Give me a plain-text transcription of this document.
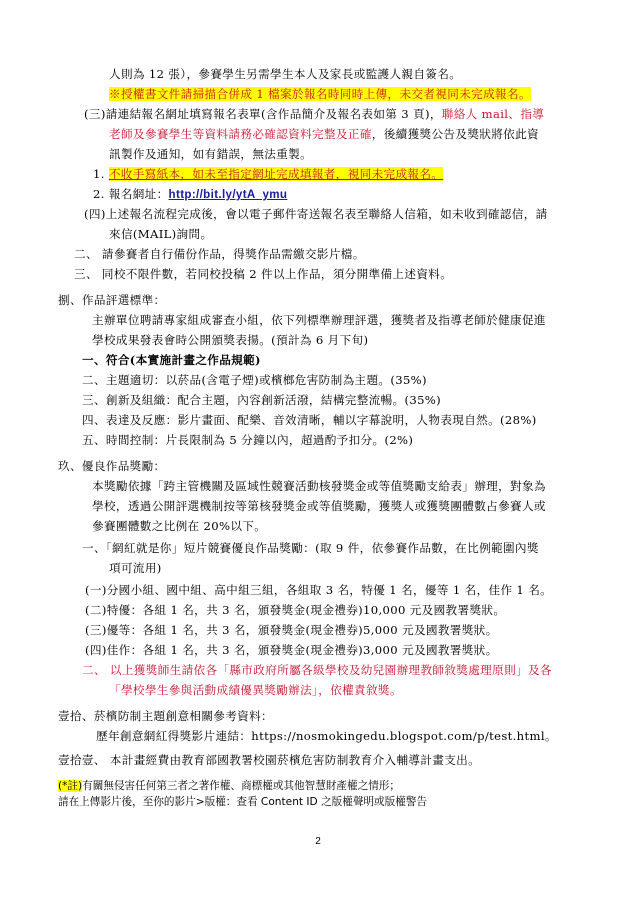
人則為 12 張），參賽學生另需學生本人及家長或監護人親自簽名。
※授權書文件請掃描合併成 1 檔案於報名時同時上傳，未交者視同未完成報名。
(三)請連結報名網址填寫報名表單(含作品簡介及報名表如第 3 頁)，聯絡人 mail、指導
老師及參賽學生等資料請務必確認資料完整及正確，後續獲獎公告及獎狀將依此資
訊製作及通知，如有錯誤，無法重製。
1. 不收手寫紙本，如未至指定網址完成填報者，視同未完成報名。
2. 報名網址：http://bit.ly/ytA_ymu
(四)上述報名流程完成後，會以電子郵件寄送報名表至聯絡人信箱，如未收到確認信，請
來信(MAIL)詢問。
二、 請參賽者自行備份作品，得獎作品需繳交影片檔。
三、 同校不限件數，若同校投稿 2 件以上作品，須分開準備上述資料。
捌、作品評選標準：
主辦單位聘請專家組成審查小組，依下列標準辦理評選，獲獎者及指導老師於健康促進
學校成果發表會時公開頒獎表揚。(預計為 6 月下旬)
一、符合(本實施計畫之作品規範)
二、主題適切：以菸品(含電子煙)或檳榔危害防制為主題。(35%)
三、創新及組織：配合主題，內容創新活潑，結構完整流暢。(35%)
四、表達及反應：影片畫面、配樂、音效清晰，輔以字幕說明，人物表現自然。(28%)
五、時間控制：片長限制為 5 分鐘以內，超過酌予扣分。(2%)
玖、優良作品獎勵：
本獎勵依據「跨主管機關及區域性競賽活動核發獎金或等值獎勵支給表」辦理，對象為
學校，透過公開評選機制按等第核發獎金或等值獎勵，獲獎人或獲獎團體數占參賽人或
參賽團體數之比例在 20%以下。
一、「網紅就是你」短片競賽優良作品獎勵：(取 9 件，依參賽作品數，在比例範圍內獎
項可流用)
(一)分國小組、國中組、高中組三組，各組取 3 名，特優 1 名，優等 1 名，佳作 1 名。
(二)特優：各組 1 名，共 3 名，頒發獎金(現金禮券)10,000 元及國教署獎狀。
(三)優等：各組 1 名，共 3 名，頒發獎金(現金禮券)5,000 元及國教署獎狀。
(四)佳作：各組 1 名，共 3 名，頒發獎金(現金禮券)3,000 元及國教署獎狀。
二、 以上獲獎師生請依各「縣市政府所屬各級學校及幼兒園辦理教師敘獎處理原則」及各
「學校學生參與活動成績優異獎勵辦法」，依權責敘獎。
壹拾、菸檳防制主題創意相關參考資料：
歷年創意網紅得獎影片連結：https://nosmokingedu.blogspot.com/p/test.html。
壹拾壹、 本計畫經費由教育部國教署校園菸檳危害防制教育介入輔導計畫支出。
(*註)有關無侵害任何第三者之著作權、商標權或其他智慧財產權之情形；
請在上傳影片後，至你的影片>版權：查看 Content ID 之版權聲明或版權警告
2
